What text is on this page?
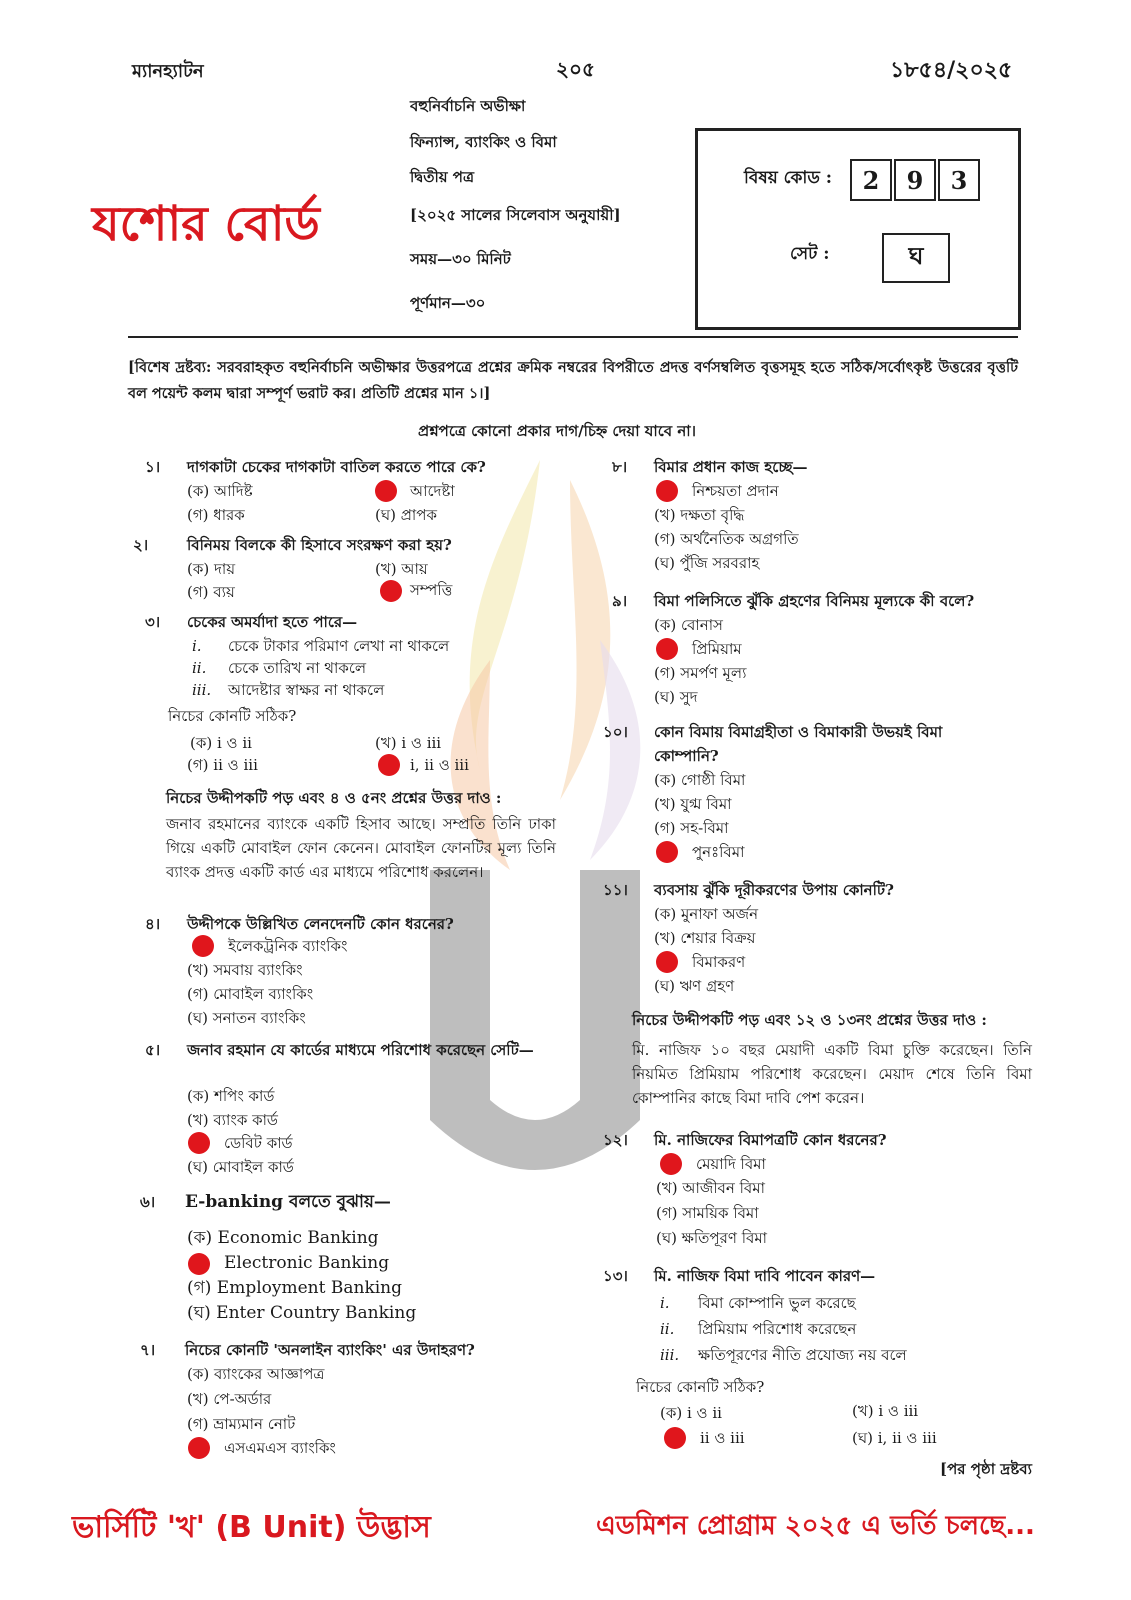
ম্যানহ্যাটন	২০৫	১৮৫৪/২০২৫
যশোর বোর্ড
বহুনির্বাচনি অভীক্ষা
ফিন্যান্স, ব্যাংকিং ও বিমা
দ্বিতীয় পত্র
[২০২৫ সালের সিলেবাস অনুযায়ী]
সময়—৩০ মিনিট
পূর্ণমান—৩০
বিষয় কোড :	2	9	3
সেট :	ঘ
[বিশেষ দ্রষ্টব্য: সরবরাহকৃত বহুনির্বাচনি অভীক্ষার উত্তরপত্রে প্রশ্নের ক্রমিক নম্বরের বিপরীতে প্রদত্ত বর্ণসম্বলিত বৃত্তসমূহ হতে সঠিক/সর্বোৎকৃষ্ট উত্তরের বৃত্তটি বল পয়েন্ট কলম দ্বারা সম্পূর্ণ ভরাট কর। প্রতিটি প্রশ্নের মান ১।]
প্রশ্নপত্রে কোনো প্রকার দাগ/চিহ্ন দেয়া যাবে না।
১। দাগকাটা চেকের দাগকাটা বাতিল করতে পারে কে?
(ক) আদিষ্ট	আদেষ্টা
(গ) ধারক	(ঘ) প্রাপক
২।	বিনিময় বিলকে কী হিসাবে সংরক্ষণ করা হয়?
(ক) দায়	(খ) আয়
(গ) ব্যয়	সম্পত্তি
৩। চেকের অমর্যাদা হতে পারে—
i. চেকে টাকার পরিমাণ লেখা না থাকলে
ii. চেকে তারিখ না থাকলে
iii. আদেষ্টার স্বাক্ষর না থাকলে
নিচের কোনটি সঠিক?
(ক) i ও ii	(খ) i ও iii
(গ) ii ও iii	i, ii ও iii
নিচের উদ্দীপকটি পড় এবং ৪ ও ৫নং প্রশ্নের উত্তর দাও :
জনাব রহমানের ব্যাংকে একটি হিসাব আছে। সম্প্রতি তিনি ঢাকা গিয়ে একটি মোবাইল ফোন কেনেন। মোবাইল ফোনটির মূল্য তিনি ব্যাংক প্রদত্ত একটি কার্ড এর মাধ্যমে পরিশোধ করলেন।
৪। উদ্দীপকে উল্লিখিত লেনদেনটি কোন ধরনের?
ইলেকট্রনিক ব্যাংকিং
(খ) সমবায় ব্যাংকিং
(গ) মোবাইল ব্যাংকিং
(ঘ) সনাতন ব্যাংকিং
৫। জনাব রহমান যে কার্ডের মাধ্যমে পরিশোধ করেছেন সেটি—
(ক) শপিং কার্ড
(খ) ব্যাংক কার্ড
ডেবিট কার্ড
(ঘ) মোবাইল কার্ড
৬। E-banking বলতে বুঝায়—
(ক) Economic Banking
Electronic Banking
(গ) Employment Banking
(ঘ) Enter Country Banking
৭। নিচের কোনটি 'অনলাইন ব্যাংকিং' এর উদাহরণ?
(ক) ব্যাংকের আজ্ঞাপত্র
(খ) পে-অর্ডার
(গ) ভ্রাম্যমান নোট
এসএমএস ব্যাংকিং
৮। বিমার প্রধান কাজ হচ্ছে—
নিশ্চয়তা প্রদান
(খ) দক্ষতা বৃদ্ধি
(গ) অর্থনৈতিক অগ্রগতি
(ঘ) পুঁজি সরবরাহ
৯। বিমা পলিসিতে ঝুঁকি গ্রহণের বিনিময় মূল্যকে কী বলে?
(ক) বোনাস
প্রিমিয়াম
(গ) সমর্পণ মূল্য
(ঘ) সুদ
১০। কোন বিমায় বিমাগ্রহীতা ও বিমাকারী উভয়ই বিমা কোম্পানি?
(ক) গোষ্ঠী বিমা
(খ) যুগ্ম বিমা
(গ) সহ-বিমা
পুনঃবিমা
১১। ব্যবসায় ঝুঁকি দূরীকরণের উপায় কোনটি?
(ক) মুনাফা অর্জন
(খ) শেয়ার বিক্রয়
বিমাকরণ
(ঘ) ঋণ গ্রহণ
নিচের উদ্দীপকটি পড় এবং ১২ ও ১৩নং প্রশ্নের উত্তর দাও :
মি. নাজিফ ১০ বছর মেয়াদী একটি বিমা চুক্তি করেছেন। তিনি নিয়মিত প্রিমিয়াম পরিশোধ করেছেন। মেয়াদ শেষে তিনি বিমা কোম্পানির কাছে বিমা দাবি পেশ করেন।
১২। মি. নাজিফের বিমাপত্রটি কোন ধরনের?
মেয়াদি বিমা
(খ) আজীবন বিমা
(গ) সাময়িক বিমা
(ঘ) ক্ষতিপূরণ বিমা
১৩। মি. নাজিফ বিমা দাবি পাবেন কারণ—
i. বিমা কোম্পানি ভুল করেছে
ii. প্রিমিয়াম পরিশোধ করেছেন
iii. ক্ষতিপূরণের নীতি প্রযোজ্য নয় বলে
নিচের কোনটি সঠিক?
(ক) i ও ii	(খ) i ও iii
ii ও iii	(ঘ) i, ii ও iii
[পর পৃষ্ঠা দ্রষ্টব্য
ভার্সিটি 'খ' (B Unit) উদ্ভাস	এডমিশন প্রোগ্রাম ২০২৫ এ ভর্তি চলছে...
